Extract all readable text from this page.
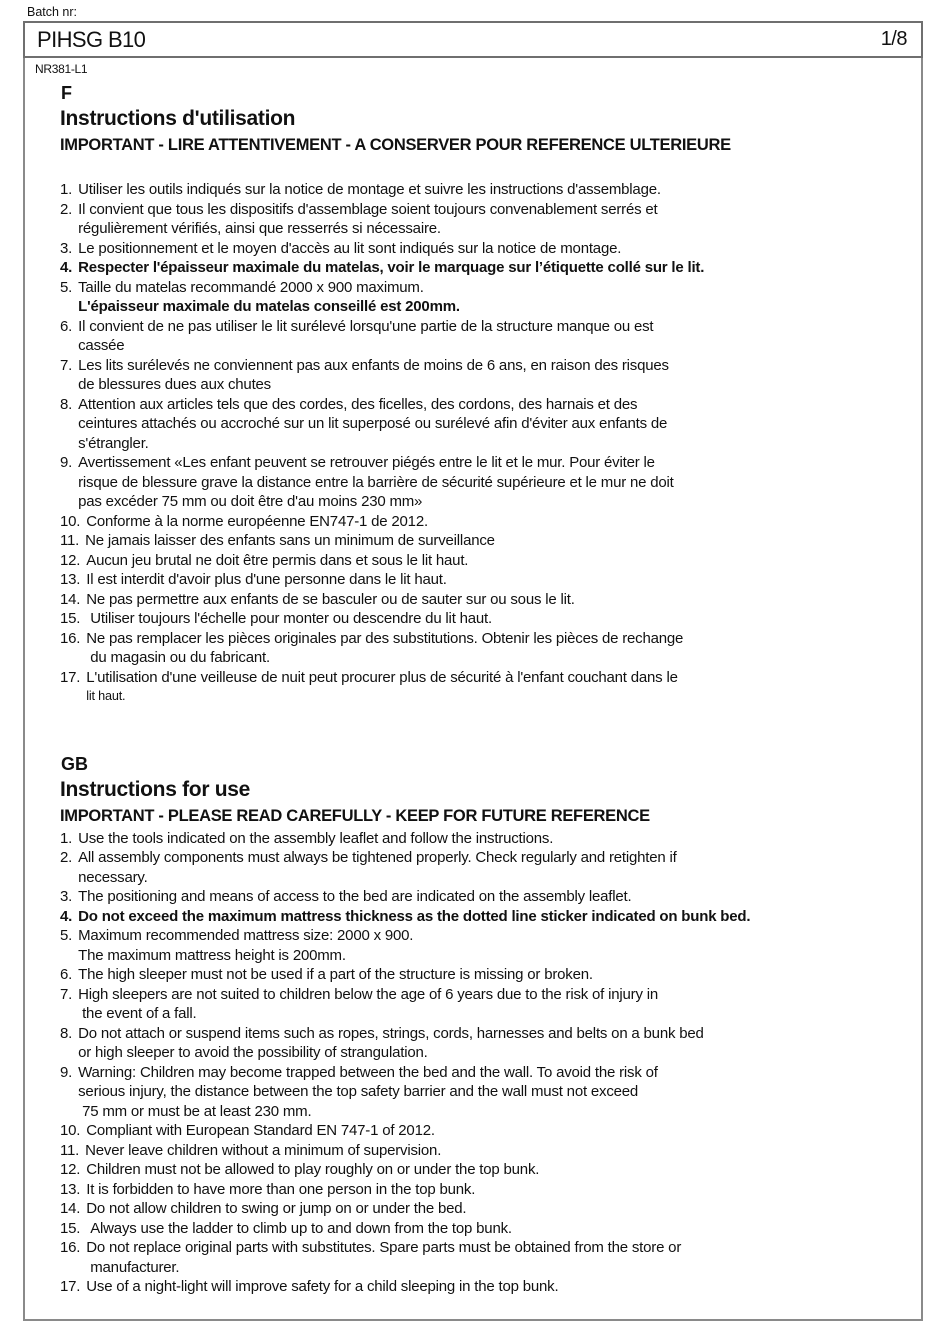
Batch nr:
PIHSG B10	1/8
NR381-L1
F
Instructions d'utilisation
IMPORTANT - LIRE ATTENTIVEMENT - A CONSERVER POUR REFERENCE ULTERIEURE
1. Utiliser les outils indiqués sur la notice de montage et suivre les instructions d'assemblage.
2. Il convient que tous les dispositifs d'assemblage soient toujours convenablement serrés et
régulièrement vérifiés, ainsi que resserrés si nécessaire.
3. Le positionnement et le moyen d'accès au lit sont indiqués sur la notice de montage.
4. Respecter l'épaisseur maximale du matelas, voir le marquage sur l’étiquette collé sur le lit.
5. Taille du matelas recommandé 2000 x 900 maximum.
L'épaisseur maximale du matelas conseillé est 200mm.
6. Il convient de ne pas utiliser le lit surélevé lorsqu'une partie de la structure manque ou est
cassée
7. Les lits surélevés ne conviennent pas aux enfants de moins de 6 ans, en raison des risques
de blessures dues aux chutes
8. Attention aux articles tels que des cordes, des ficelles, des cordons, des harnais et des
ceintures attachés ou accroché sur un lit superposé ou surélevé afin d'éviter aux enfants de
s'étrangler.
9. Avertissement «Les enfant peuvent se retrouver piégés entre le lit et le mur. Pour éviter le
risque de blessure grave la distance entre la barrière de sécurité supérieure et le mur ne doit
pas excéder 75 mm ou doit être d'au moins 230 mm»
10. Conforme à la norme européenne EN747-1 de 2012.
11. Ne jamais laisser des enfants sans un minimum de surveillance
12. Aucun jeu brutal ne doit être permis dans et sous le lit haut.
13. Il est interdit d'avoir plus d'une personne dans le lit haut.
14. Ne pas permettre aux enfants de se basculer ou de sauter sur ou sous le lit.
15. Utiliser toujours l'échelle pour monter ou descendre du lit haut.
16. Ne pas remplacer les pièces originales par des substitutions. Obtenir les pièces de rechange
du magasin ou du fabricant.
17. L'utilisation d'une veilleuse de nuit peut procurer plus de sécurité à l'enfant couchant dans le
lit haut.
GB
Instructions for use
IMPORTANT - PLEASE READ CAREFULLY - KEEP FOR FUTURE REFERENCE
1. Use the tools indicated on the assembly leaflet and follow the instructions.
2. All assembly components must always be tightened properly. Check regularly and retighten if
necessary.
3. The positioning and means of access to the bed are indicated on the assembly leaflet.
4. Do not exceed the maximum mattress thickness as the dotted line sticker indicated on bunk bed.
5. Maximum recommended mattress size: 2000 x 900.
The maximum mattress height is 200mm.
6. The high sleeper must not be used if a part of the structure is missing or broken.
7. High sleepers are not suited to children below the age of 6 years due to the risk of injury in
the event of a fall.
8. Do not attach or suspend items such as ropes, strings, cords, harnesses and belts on a bunk bed
or high sleeper to avoid the possibility of strangulation.
9. Warning: Children may become trapped between the bed and the wall. To avoid the risk of
serious injury, the distance between the top safety barrier and the wall must not exceed
75 mm or must be at least 230 mm.
10. Compliant with European Standard EN 747-1 of 2012.
11. Never leave children without a minimum of supervision.
12. Children must not be allowed to play roughly on or under the top bunk.
13. It is forbidden to have more than one person in the top bunk.
14. Do not allow children to swing or jump on or under the bed.
15. Always use the ladder to climb up to and down from the top bunk.
16. Do not replace original parts with substitutes. Spare parts must be obtained from the store or
manufacturer.
17. Use of a night-light will improve safety for a child sleeping in the top bunk.
